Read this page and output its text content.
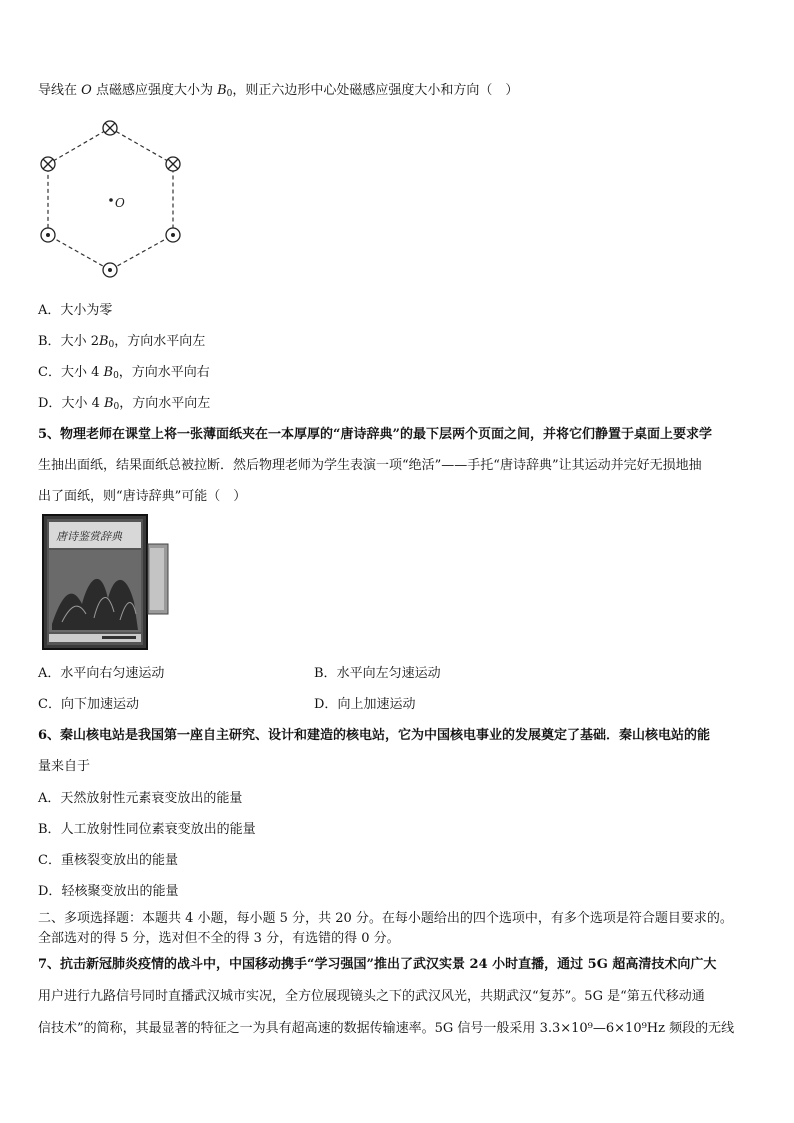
导线在 O 点磁感应强度大小为 $B_0$，则正六边形中心处磁感应强度大小和方向（　）
O
A．大小为零
B．大小 $2B_0$，方向水平向左
C．大小 4 $B_0$，方向水平向右
D．大小 4 $B_0$，方向水平向左
5、物理老师在课堂上将一张薄面纸夹在一本厚厚的“唐诗辞典”的最下层两个页面之间，并将它们静置于桌面上要求学
生抽出面纸，结果面纸总被拉断．然后物理老师为学生表演一项“绝活”——手托“唐诗辞典”让其运动并完好无损地抽
出了面纸，则“唐诗辞典”可能（　）
唐诗鉴赏辞典
A．水平向右匀速运动	B．水平向左匀速运动
C．向下加速运动	D．向上加速运动
6、秦山核电站是我国第一座自主研究、设计和建造的核电站，它为中国核电事业的发展奠定了基础．秦山核电站的能
量来自于
A．天然放射性元素衰变放出的能量
B．人工放射性同位素衰变放出的能量
C．重核裂变放出的能量
D．轻核聚变放出的能量
二、多项选择题：本题共 4 小题，每小题 5 分，共 20 分。在每小题给出的四个选项中，有多个选项是符合题目要求的。
全部选对的得 5 分，选对但不全的得 3 分，有选错的得 0 分。
7、抗击新冠肺炎疫情的战斗中，中国移动携手“学习强国”推出了武汉实景 24 小时直播，通过 5G 超高清技术向广大
用户进行九路信号同时直播武汉城市实况，全方位展现镜头之下的武汉风光，共期武汉“复苏”。5G 是“第五代移动通
信技术”的简称，其最显著的特征之一为具有超高速的数据传输速率。5G 信号一般采用 3.3×10⁹—6×10⁹Hz 频段的无线
